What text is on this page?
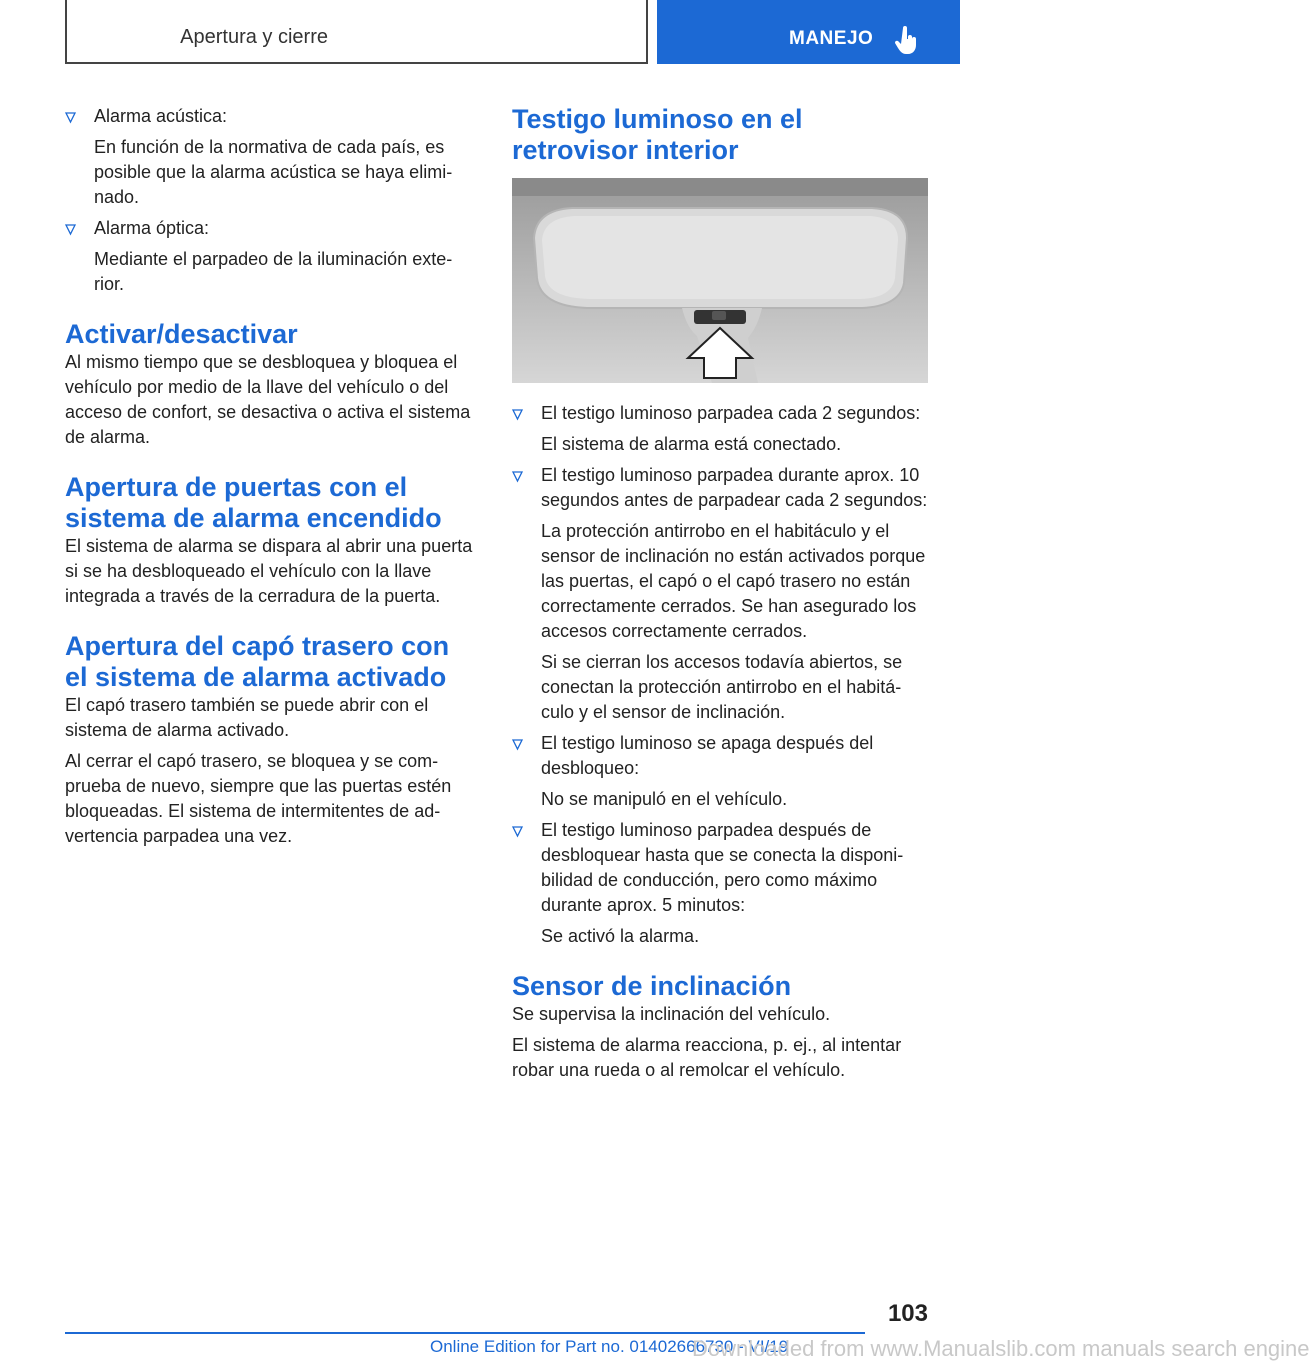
Apertura y cierre	MANEJO

Alarma acústica:

En función de la normativa de cada país, es posible que la alarma acústica se haya eliminado.

Alarma óptica:

Mediante el parpadeo de la iluminación exterior.

Activar/desactivar

Al mismo tiempo que se desbloquea y bloquea el vehículo por medio de la llave del vehículo o del acceso de confort, se desactiva o activa el sistema de alarma.

Apertura de puertas con el sistema de alarma encendido

El sistema de alarma se dispara al abrir una puerta si se ha desbloqueado el vehículo con la llave integrada a través de la cerradura de la puerta.

Apertura del capó trasero con el sistema de alarma activado

El capó trasero también se puede abrir con el sistema de alarma activado.

Al cerrar el capó trasero, se bloquea y se comprueba de nuevo, siempre que las puertas estén bloqueadas. El sistema de intermitentes de advertencia parpadea una vez.

Testigo luminoso en el retrovisor interior

El testigo luminoso parpadea cada 2 segundos:

El sistema de alarma está conectado.

El testigo luminoso parpadea durante aprox. 10 segundos antes de parpadear cada 2 segundos:

La protección antirrobo en el habitáculo y el sensor de inclinación no están activados porque las puertas, el capó o el capó trasero no están correctamente cerrados. Se han asegurado los accesos correctamente cerrados.

Si se cierran los accesos todavía abiertos, se conectan la protección antirrobo en el habitáculo y el sensor de inclinación.

El testigo luminoso se apaga después del desbloqueo:

No se manipuló en el vehículo.

El testigo luminoso parpadea después de desbloquear hasta que se conecta la disponibilidad de conducción, pero como máximo durante aprox. 5 minutos:

Se activó la alarma.

Sensor de inclinación

Se supervisa la inclinación del vehículo.

El sistema de alarma reacciona, p. ej., al intentar robar una rueda o al remolcar el vehículo.

103
Online Edition for Part no. 01402666730 - VI/19
Downloaded from www.Manualslib.com manuals search engine
